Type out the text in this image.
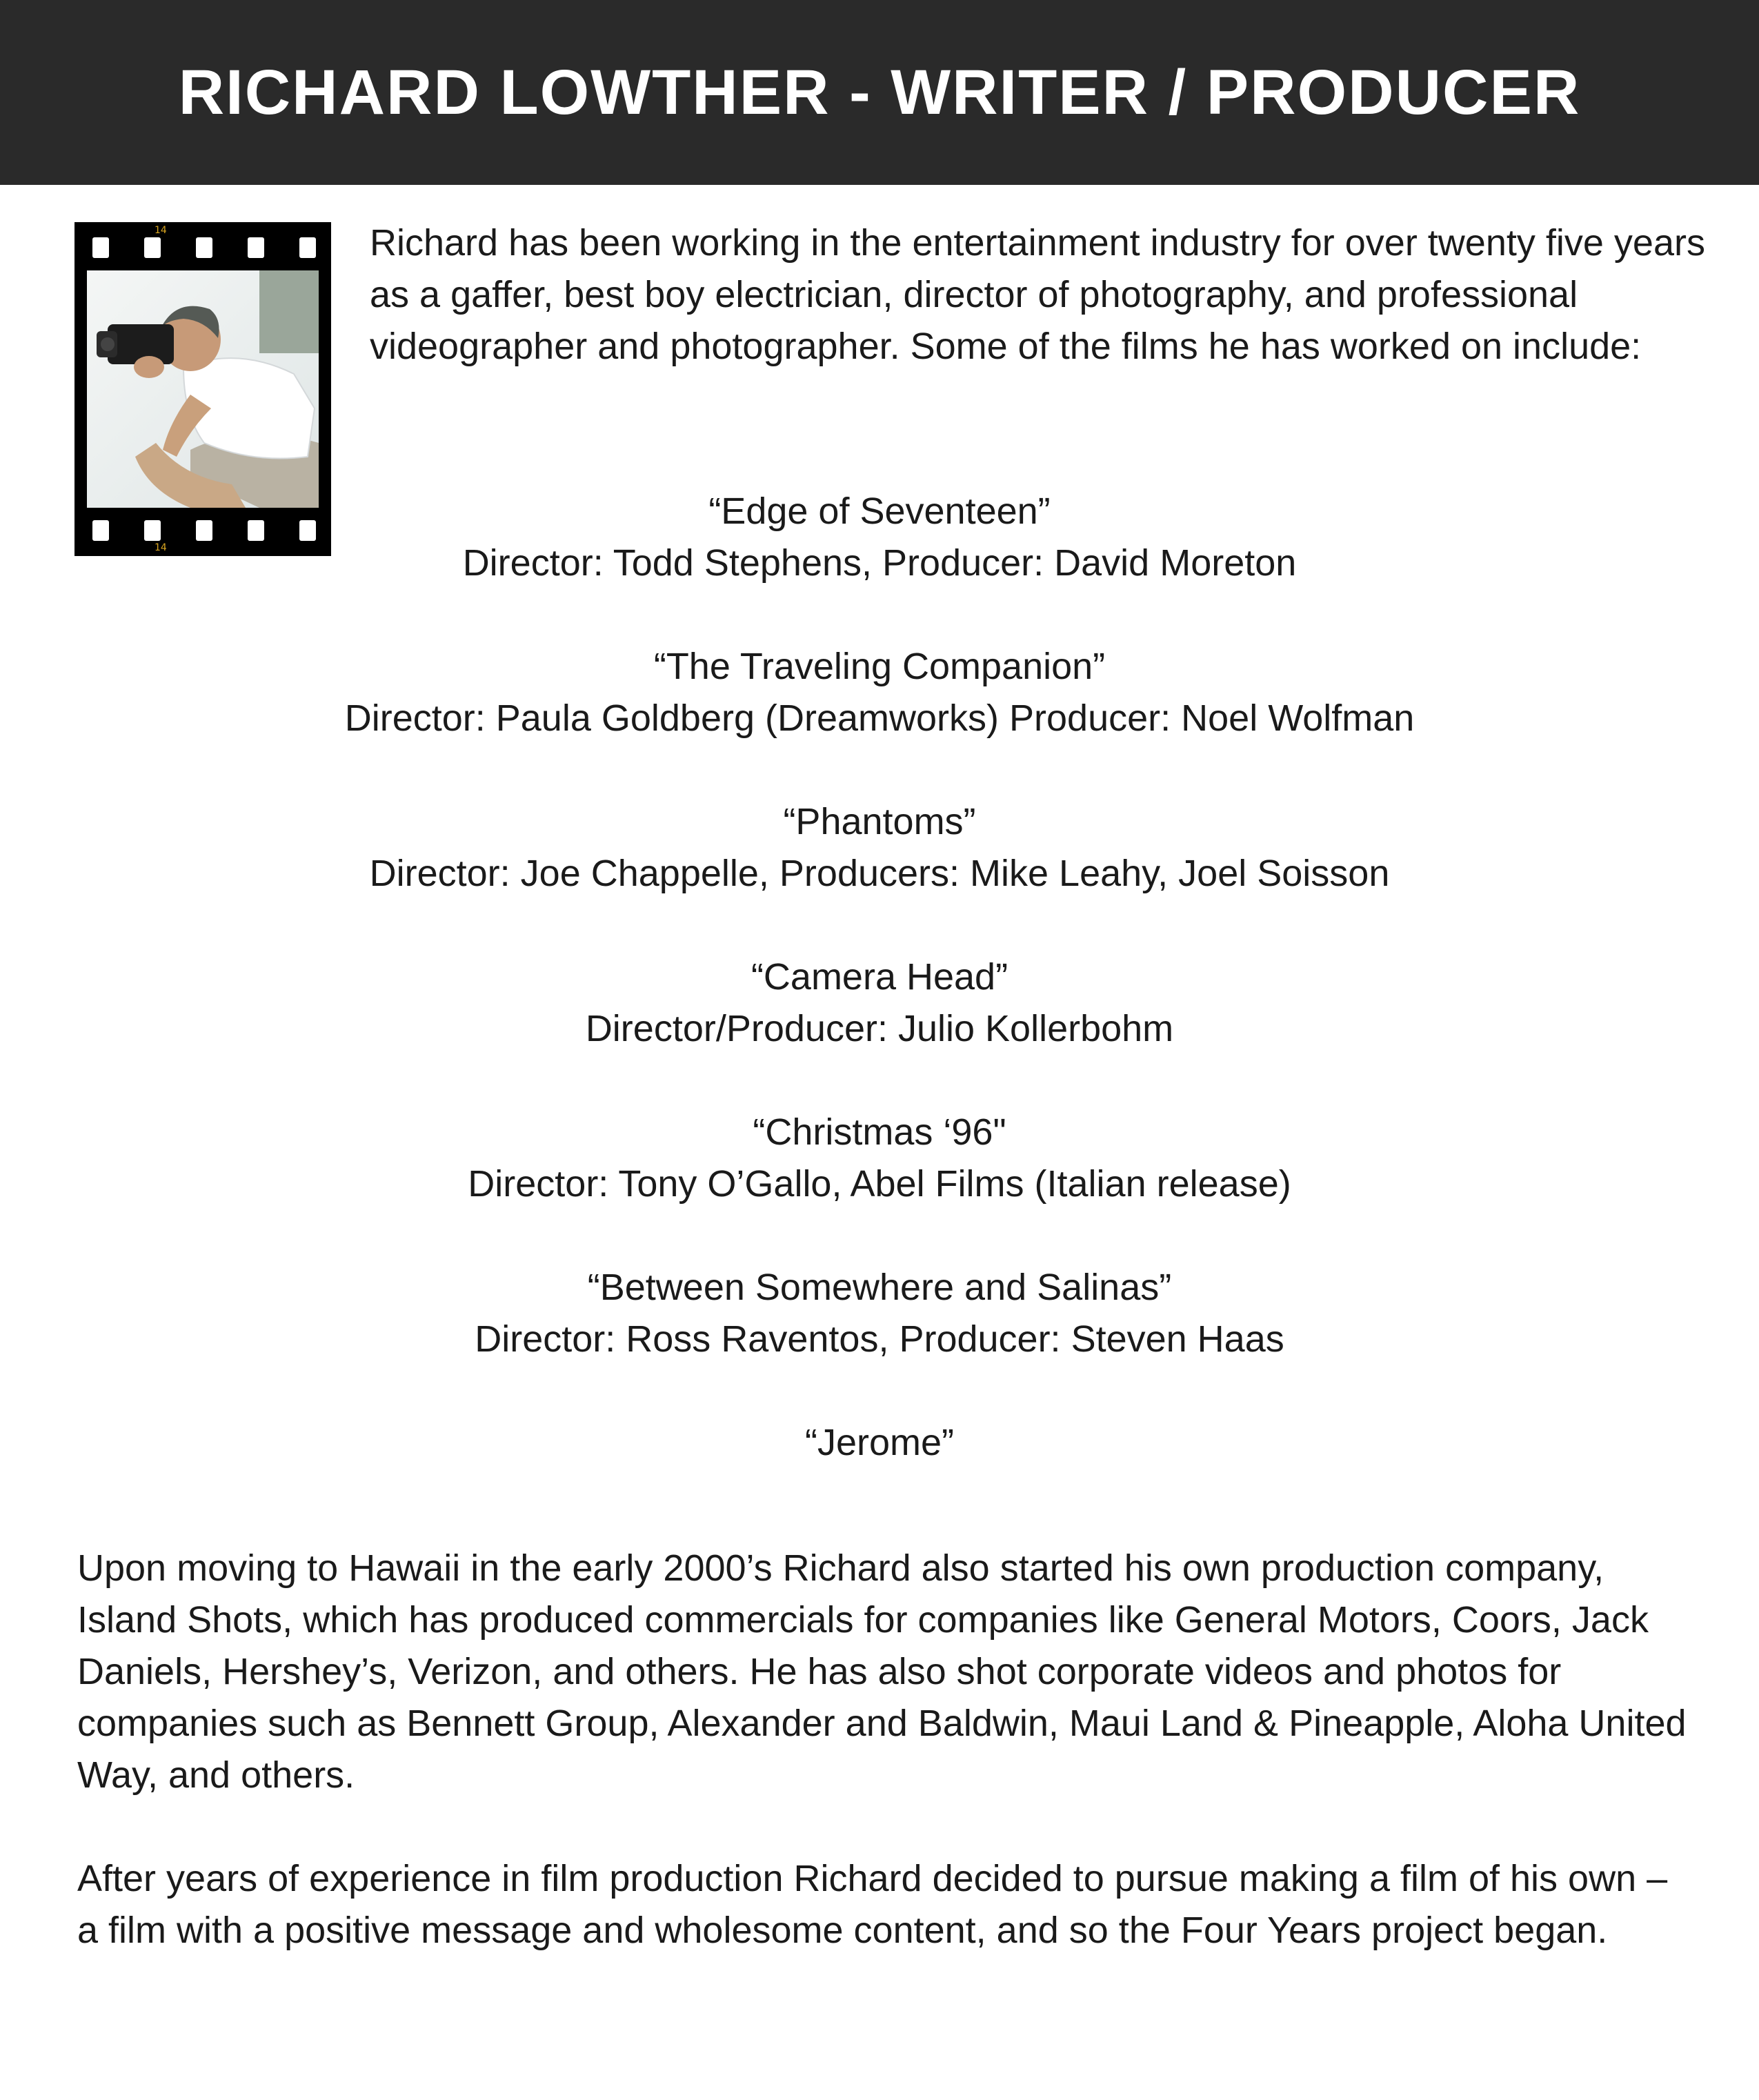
RICHARD LOWTHER - WRITER / PRODUCER
14
14

Richard has been working in the entertainment industry for over twenty five years as a gaffer, best boy electrician, director of photography, and professional videographer and photographer. Some of the films he has worked on include:

“Edge of Seventeen”
Director: Todd Stephens, Producer: David Moreton
“The Traveling Companion”
Director: Paula Goldberg (Dreamworks) Producer: Noel Wolfman
“Phantoms”
Director: Joe Chappelle, Producers: Mike Leahy, Joel Soisson
“Camera Head”
Director/Producer: Julio Kollerbohm
“Christmas ‘96"
Director: Tony O’Gallo, Abel Films (Italian release)
“Between Somewhere and Salinas”
Director: Ross Raventos, Producer: Steven Haas
“Jerome”

Upon moving to Hawaii in the early 2000’s Richard also started his own production company, Island Shots, which has produced commercials for companies like General Motors, Coors, Jack Daniels, Hershey’s, Verizon, and others. He has also shot corporate videos and photos for companies such as Bennett Group, Alexander and Baldwin, Maui Land & Pineapple, Aloha United Way, and others.

After years of experience in film production Richard decided to pursue making a film of his own – a film with a positive message and wholesome content, and so the Four Years project began.
